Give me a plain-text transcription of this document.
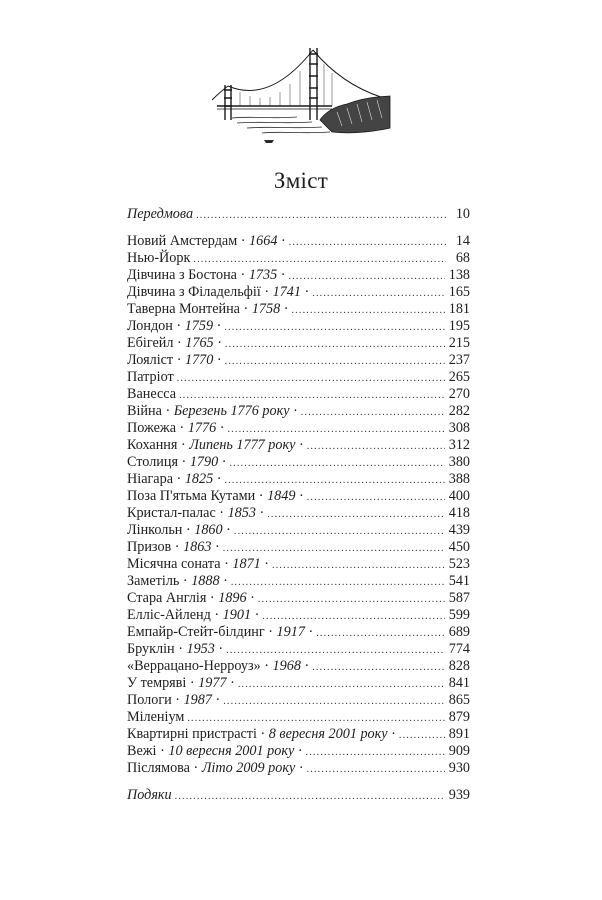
Зміст
Передмова .....	10
Новий Амстердам · 1664 · .....	14
Нью-Йорк .....	68
Дівчина з Бостона · 1735 · .....	138
Дівчина з Філадельфії · 1741 · .....	165
Таверна Монтейна · 1758 · .....	181
Лондон · 1759 · .....	195
Ебігейл · 1765 · .....	215
Лояліст · 1770 · .....	237
Патріот .....	265
Ванесса .....	270
Війна · Березень 1776 року · .....	282
Пожежа · 1776 · .....	308
Кохання · Липень 1777 року · .....	312
Столиця · 1790 · .....	380
Ніагара · 1825 · .....	388
Поза П'ятьма Кутами · 1849 · .....	400
Кристал-палас · 1853 · .....	418
Лінкольн · 1860 · .....	439
Призов · 1863 · .....	450
Місячна соната · 1871 · .....	523
Заметіль · 1888 · .....	541
Стара Англія · 1896 · .....	587
Елліс-Айленд · 1901 · .....	599
Емпайр-Стейт-білдинг · 1917 · .....	689
Бруклін · 1953 · .....	774
«Веррацано-Нерроуз» · 1968 · .....	828
У темряві · 1977 · .....	841
Пологи · 1987 · .....	865
Міленіум .....	879
Квартирні пристрасті · 8 вересня 2001 року · .....	891
Вежі · 10 вересня 2001 року · .....	909
Післямова · Літо 2009 року · .....	930
Подяки .....	939
